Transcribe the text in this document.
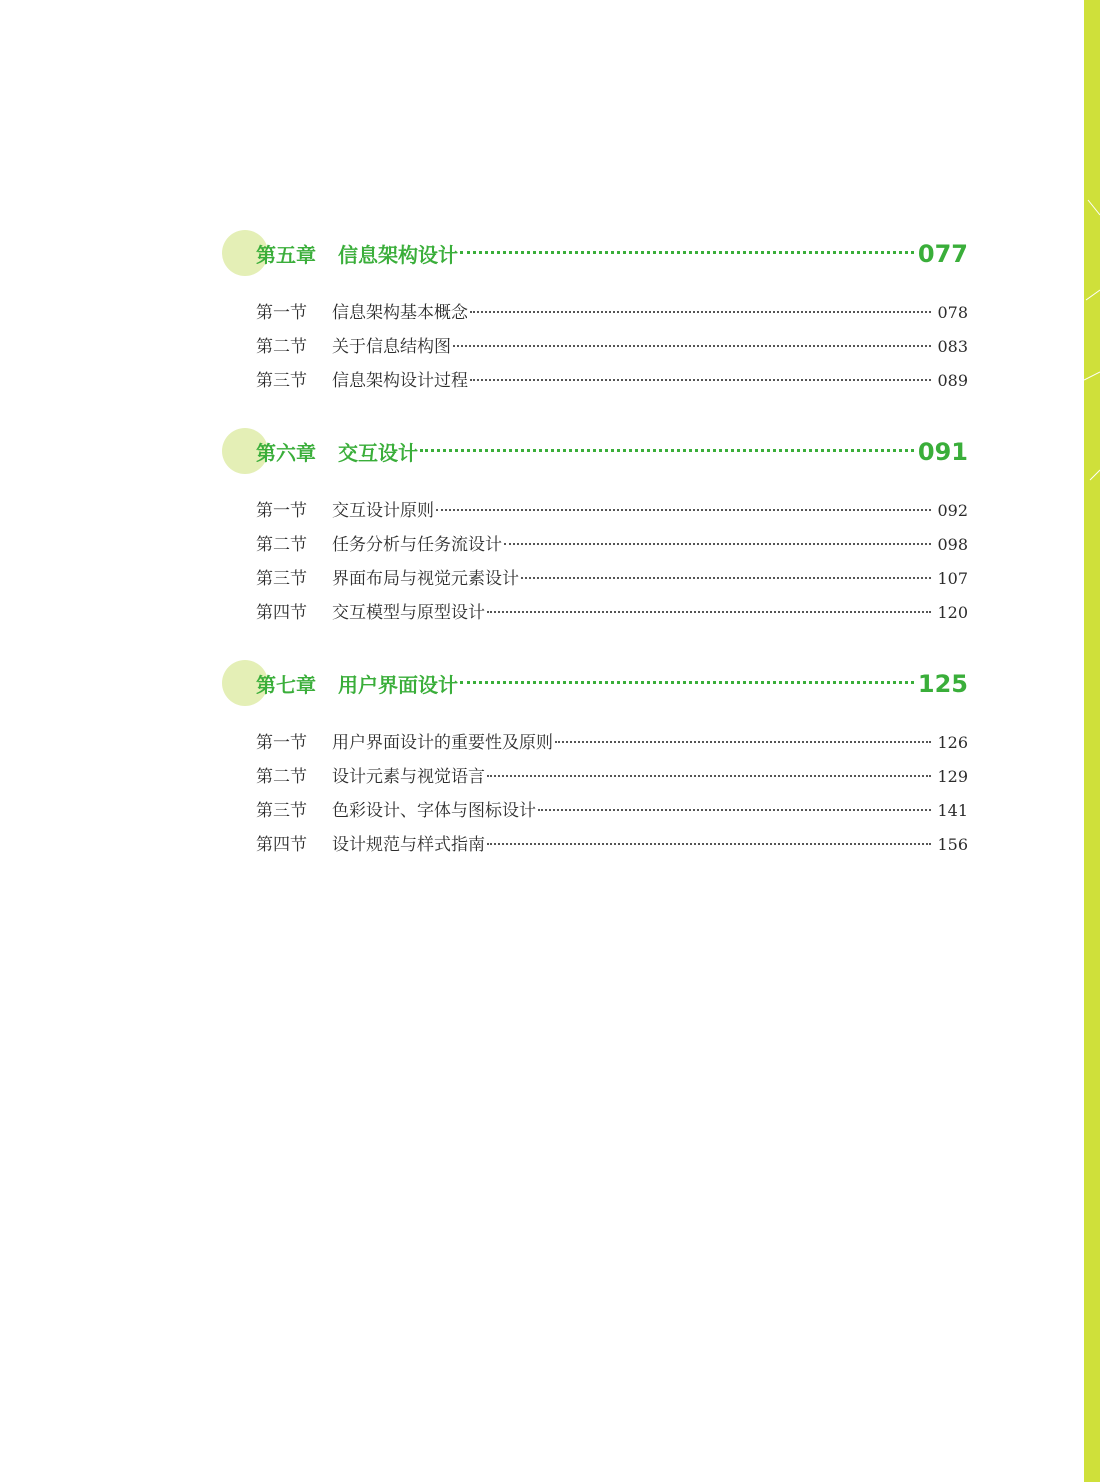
第五章 信息架构设计	077
第一节	信息架构基本概念	078
第二节	关于信息结构图	083
第三节	信息架构设计过程	089
第六章 交互设计	091
第一节	交互设计原则	092
第二节	任务分析与任务流设计	098
第三节	界面布局与视觉元素设计	107
第四节	交互模型与原型设计	120
第七章 用户界面设计	125
第一节	用户界面设计的重要性及原则	126
第二节	设计元素与视觉语言	129
第三节	色彩设计、字体与图标设计	141
第四节	设计规范与样式指南	156
